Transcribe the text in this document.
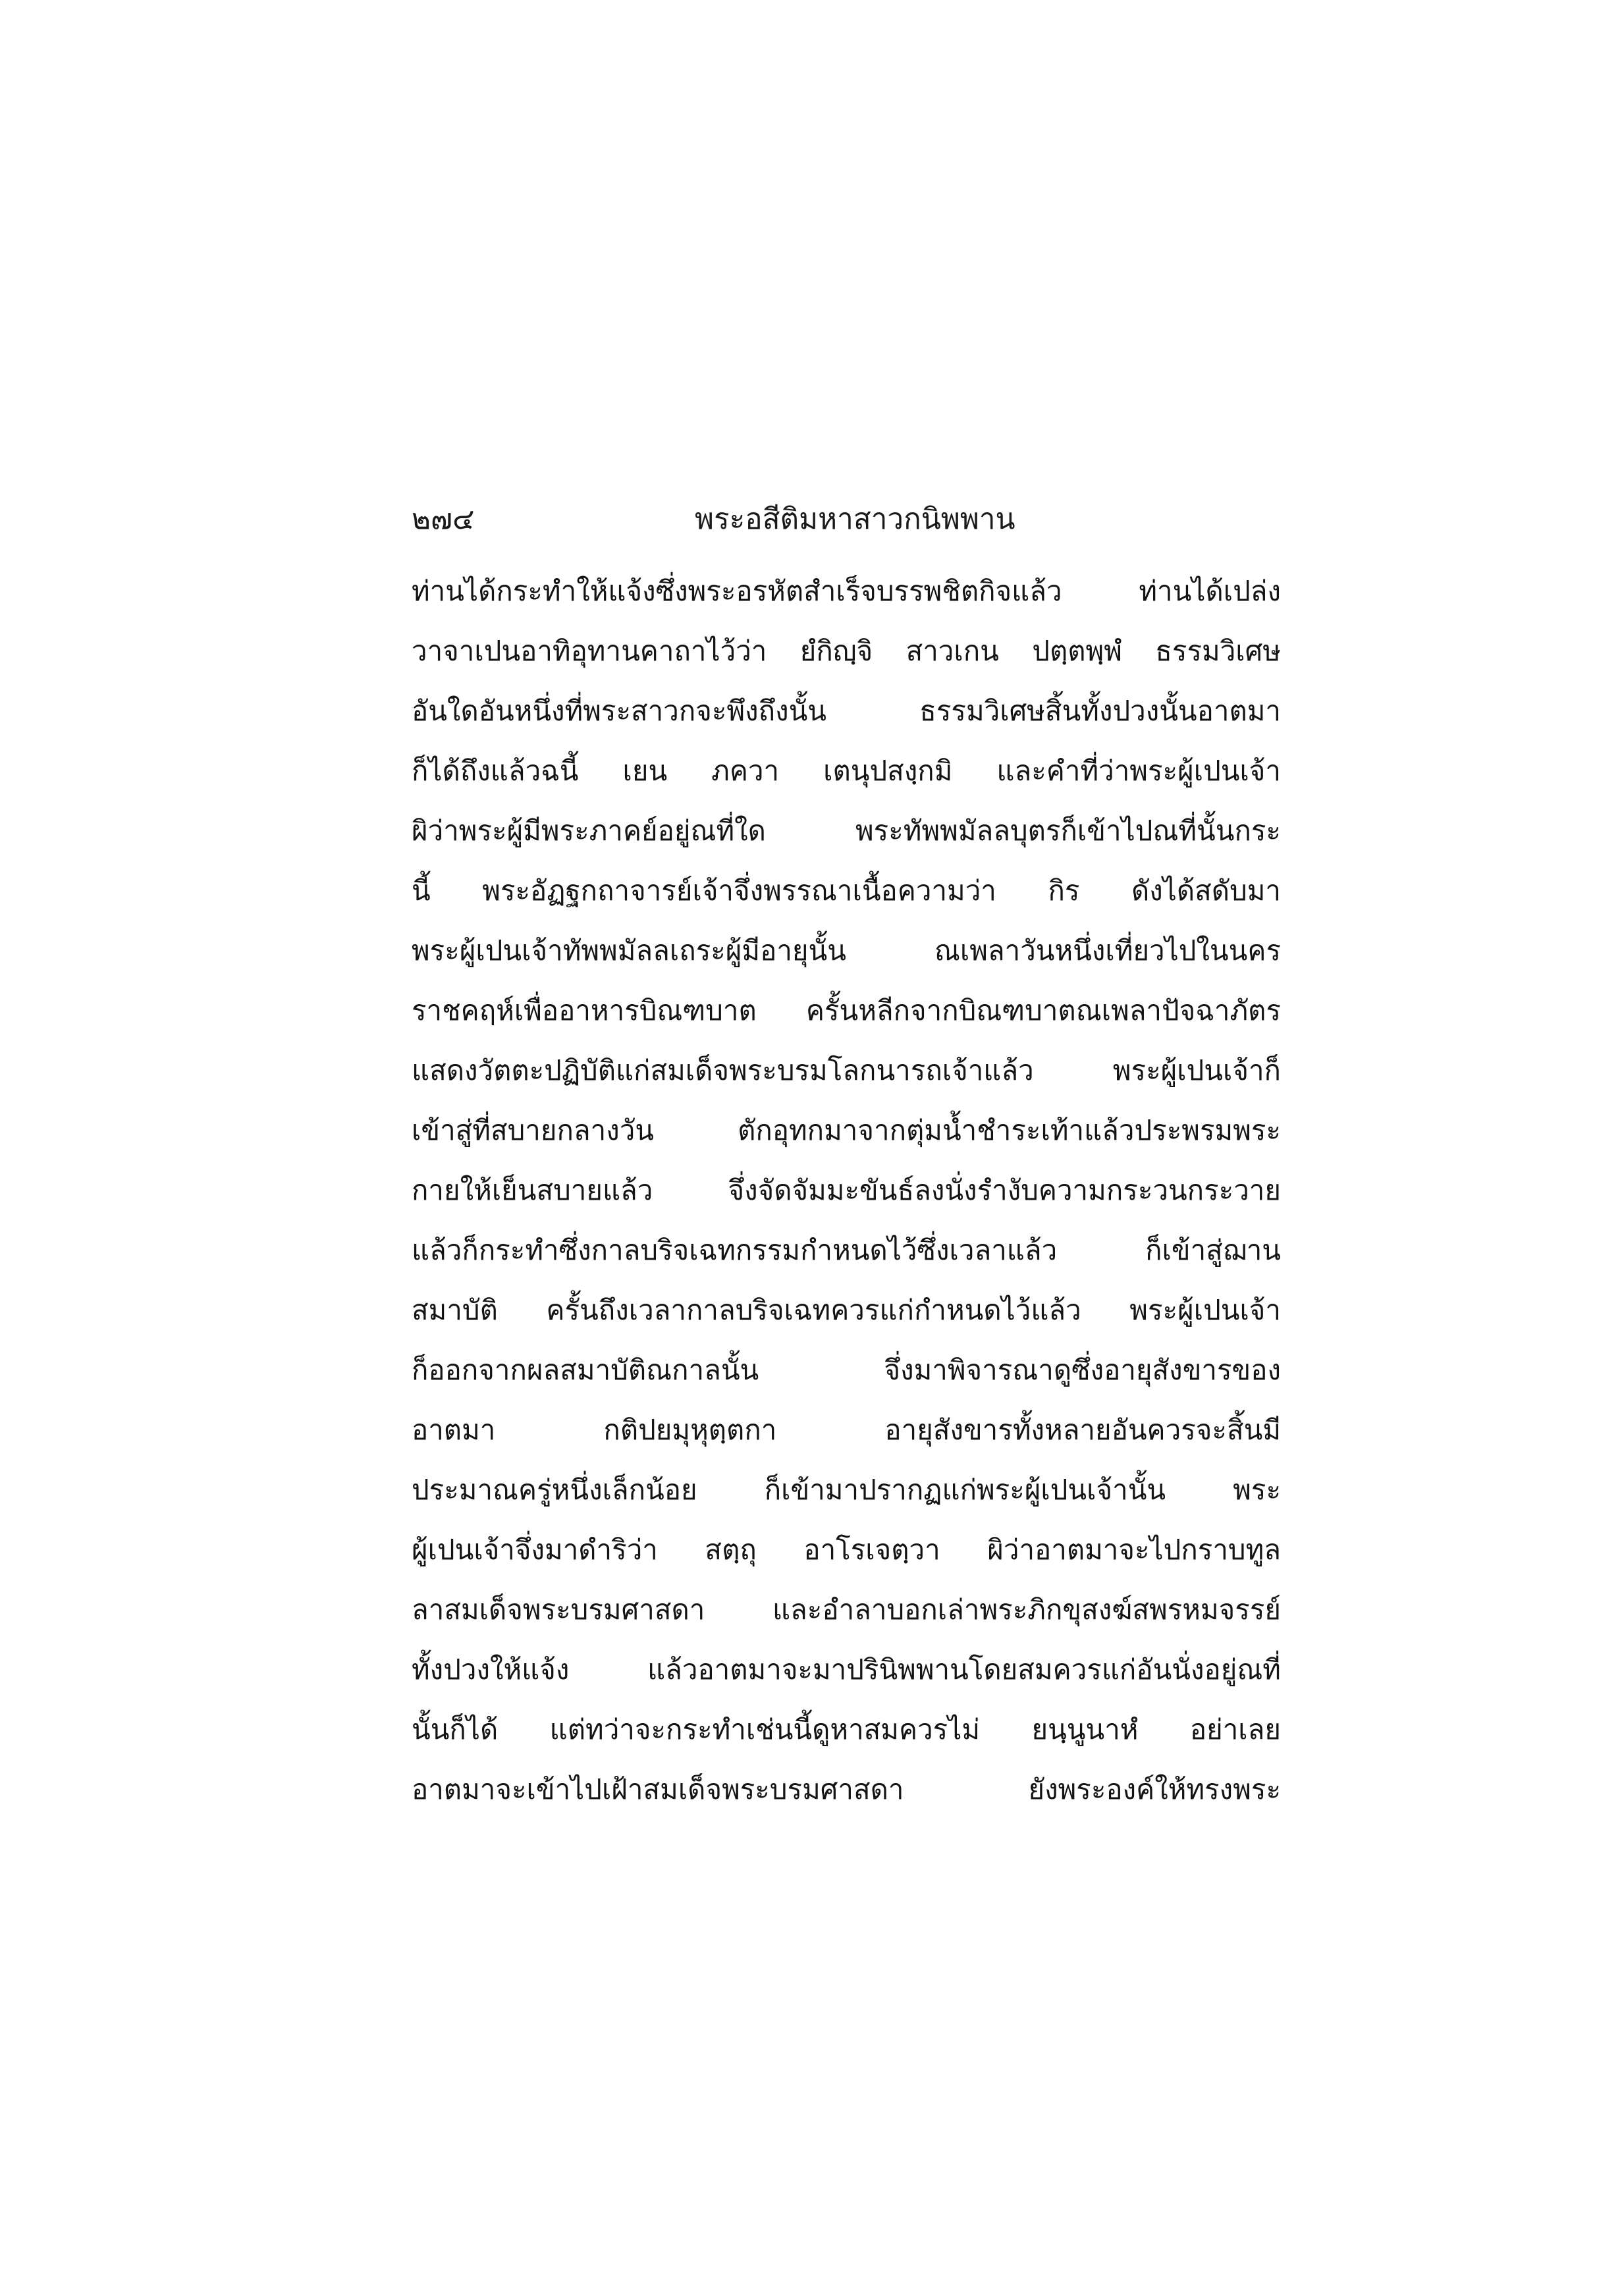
๒๗๔	พระอสีติมหาสาวกนิพพาน
ท่านได้กระทำให้แจ้งซึ่งพระอรหัตสำเร็จบรรพชิตกิจแล้ว ท่านได้เปล่ง
วาจาเปนอาทิอุทานคาถาไว้ว่า ยํกิญฺจิ สาวเกน ปตฺตพฺพํ ธรรมวิเศษ
อันใดอันหนึ่งที่พระสาวกจะพึงถึงนั้น ธรรมวิเศษสิ้นทั้งปวงนั้นอาตมา
ก็ได้ถึงแล้วฉนี้ เยน ภควา เตนุปสงฺกมิ และคำที่ว่าพระผู้เปนเจ้า
ผิว่าพระผู้มีพระภาคย์อยู่ณที่ใด พระทัพพมัลลบุตรก็เข้าไปณที่นั้นกระ
นี้ พระอัฏฐกถาจารย์เจ้าจึ่งพรรณาเนื้อความว่า กิร ดังได้สดับมา
พระผู้เปนเจ้าทัพพมัลลเถระผู้มีอายุนั้น ณเพลาวันหนึ่งเที่ยวไปในนคร
ราชคฤห์เพื่ออาหารบิณฑบาต ครั้นหลีกจากบิณฑบาตณเพลาปัจฉาภัตร
แสดงวัตตะปฏิบัติแก่สมเด็จพระบรมโลกนารถเจ้าแล้ว พระผู้เปนเจ้าก็
เข้าสู่ที่สบายกลางวัน ตักอุทกมาจากตุ่มน้ำชำระเท้าแล้วประพรมพระ
กายให้เย็นสบายแล้ว จึ่งจัดจัมมะขันธ์ลงนั่งรำงับความกระวนกระวาย
แล้วก็กระทำซึ่งกาลบริจเฉทกรรมกำหนดไว้ซึ่งเวลาแล้ว ก็เข้าสู่ฌาน
สมาบัติ ครั้นถึงเวลากาลบริจเฉทควรแก่กำหนดไว้แล้ว พระผู้เปนเจ้า
ก็ออกจากผลสมาบัติณกาลนั้น จึ่งมาพิจารณาดูซึ่งอายุสังขารของ
อาตมา กติปยมุหุตฺตกา อายุสังขารทั้งหลายอันควรจะสิ้นมี
ประมาณครู่หนึ่งเล็กน้อย ก็เข้ามาปรากฏแก่พระผู้เปนเจ้านั้น พระ
ผู้เปนเจ้าจึ่งมาดำริว่า สตฺถุ อาโรเจตฺวา ผิว่าอาตมาจะไปกราบทูล
ลาสมเด็จพระบรมศาสดา และอำลาบอกเล่าพระภิกขุสงฆ์สพรหมจรรย์
ทั้งปวงให้แจ้ง แล้วอาตมาจะมาปรินิพพานโดยสมควรแก่อันนั่งอยู่ณที่
นั้นก็ได้ แต่ทว่าจะกระทำเช่นนี้ดูหาสมควรไม่ ยนฺนูนาหํ อย่าเลย
อาตมาจะเข้าไปเฝ้าสมเด็จพระบรมศาสดา ยังพระองค์ให้ทรงพระ
